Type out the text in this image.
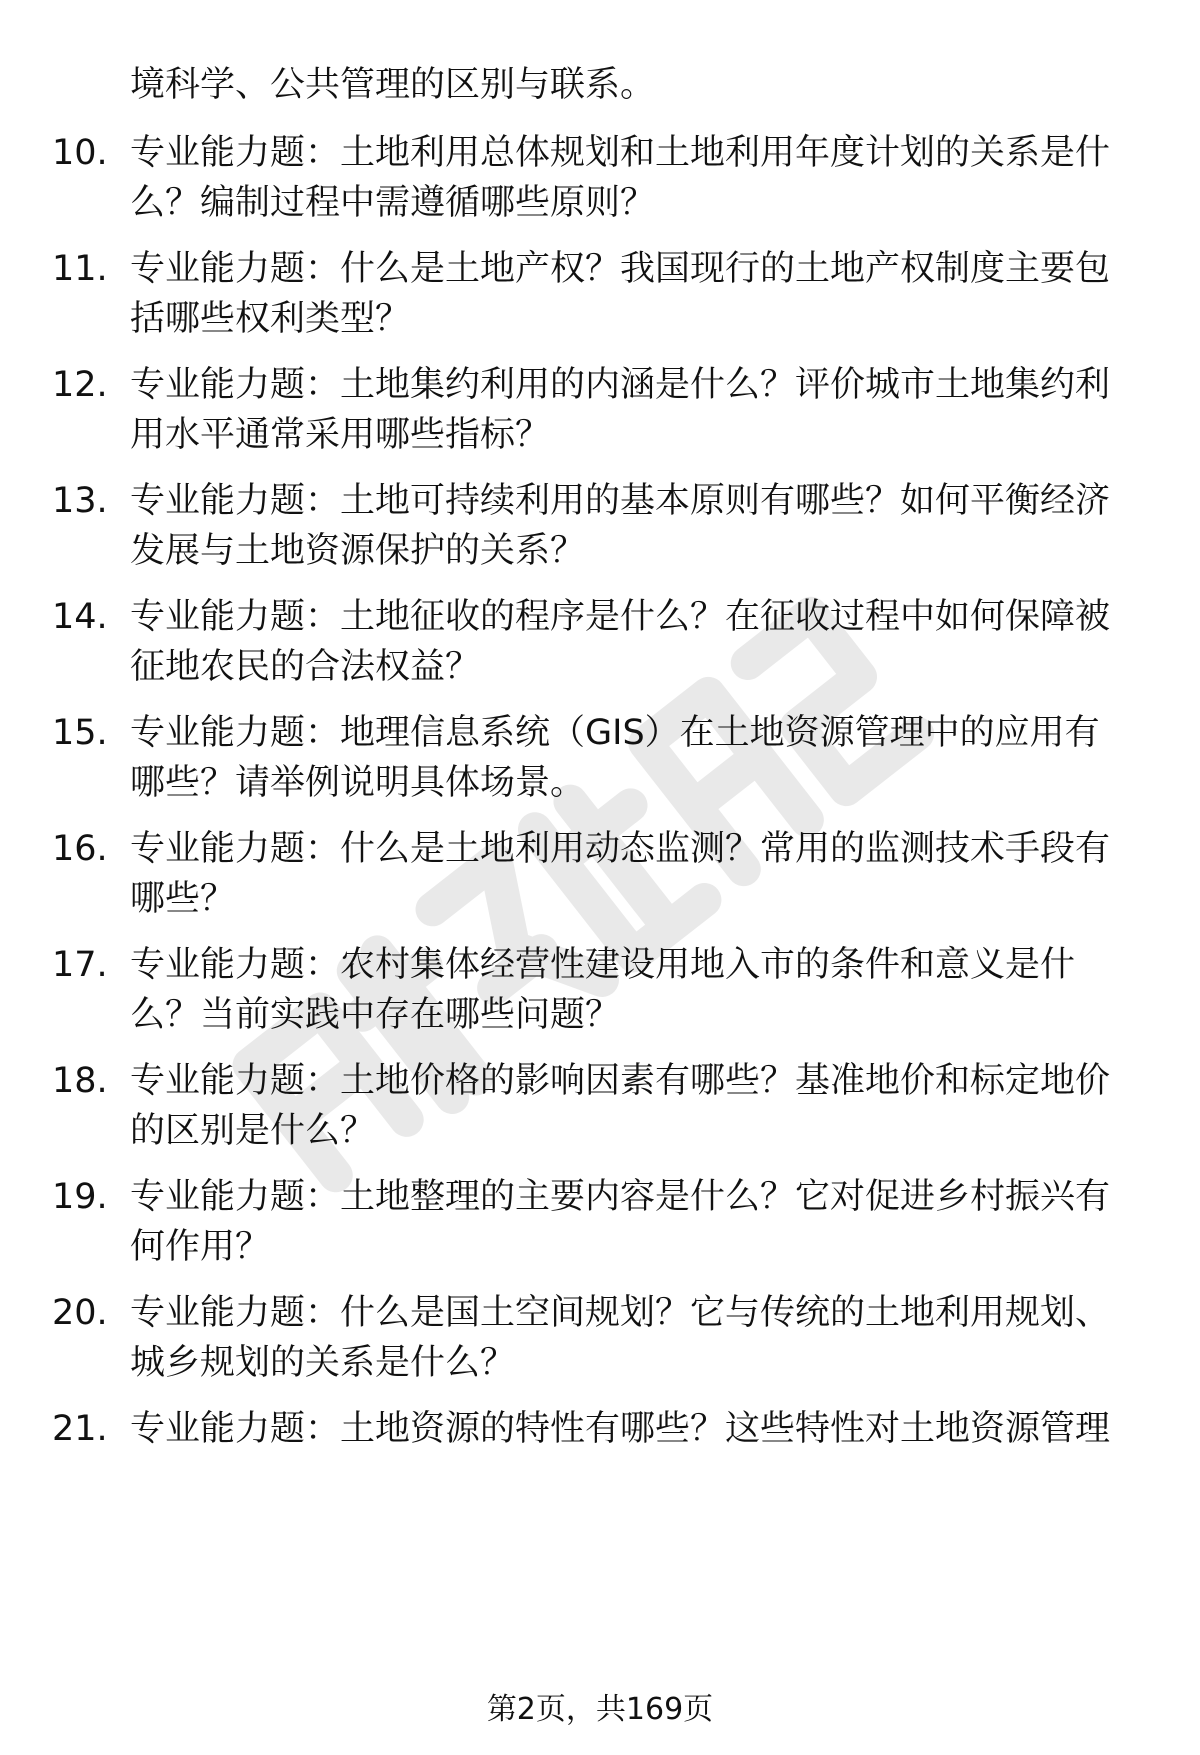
境科学、公共管理的区别与联系。
10. 专业能力题：土地利用总体规划和土地利用年度计划的关系是什
么？编制过程中需遵循哪些原则？
11. 专业能力题：什么是土地产权？我国现行的土地产权制度主要包
括哪些权利类型？
12. 专业能力题：土地集约利用的内涵是什么？评价城市土地集约利
用水平通常采用哪些指标？
13. 专业能力题：土地可持续利用的基本原则有哪些？如何平衡经济
发展与土地资源保护的关系？
14. 专业能力题：土地征收的程序是什么？在征收过程中如何保障被
征地农民的合法权益？
15. 专业能力题：地理信息系统（GIS）在土地资源管理中的应用有
哪些？请举例说明具体场景。
16. 专业能力题：什么是土地利用动态监测？常用的监测技术手段有
哪些？
17. 专业能力题：农村集体经营性建设用地入市的条件和意义是什
么？当前实践中存在哪些问题？
18. 专业能力题：土地价格的影响因素有哪些？基准地价和标定地价
的区别是什么？
19. 专业能力题：土地整理的主要内容是什么？它对促进乡村振兴有
何作用？
20. 专业能力题：什么是国土空间规划？它与传统的土地利用规划、
城乡规划的关系是什么？
21. 专业能力题：土地资源的特性有哪些？这些特性对土地资源管理
第2页，共169页
